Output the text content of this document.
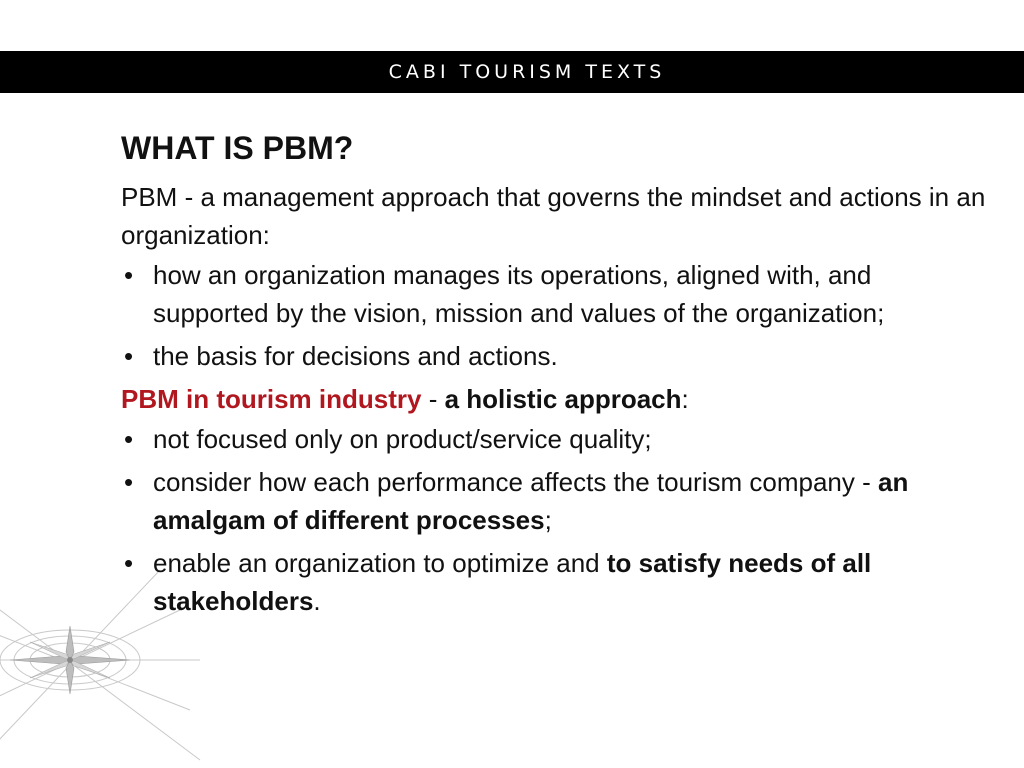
CABI TOURISM TEXTS
WHAT IS PBM?

PBM - a management approach that governs the mindset and actions in an organization:

• how an organization manages its operations, aligned with, and supported by the vision, mission and values of the organization;
• the basis for decisions and actions.

PBM in tourism industry - a holistic approach:

• not focused only on product/service quality;
• consider how each performance affects the tourism company - an amalgam of different processes;
• enable an organization to optimize and to satisfy needs of all stakeholders.
